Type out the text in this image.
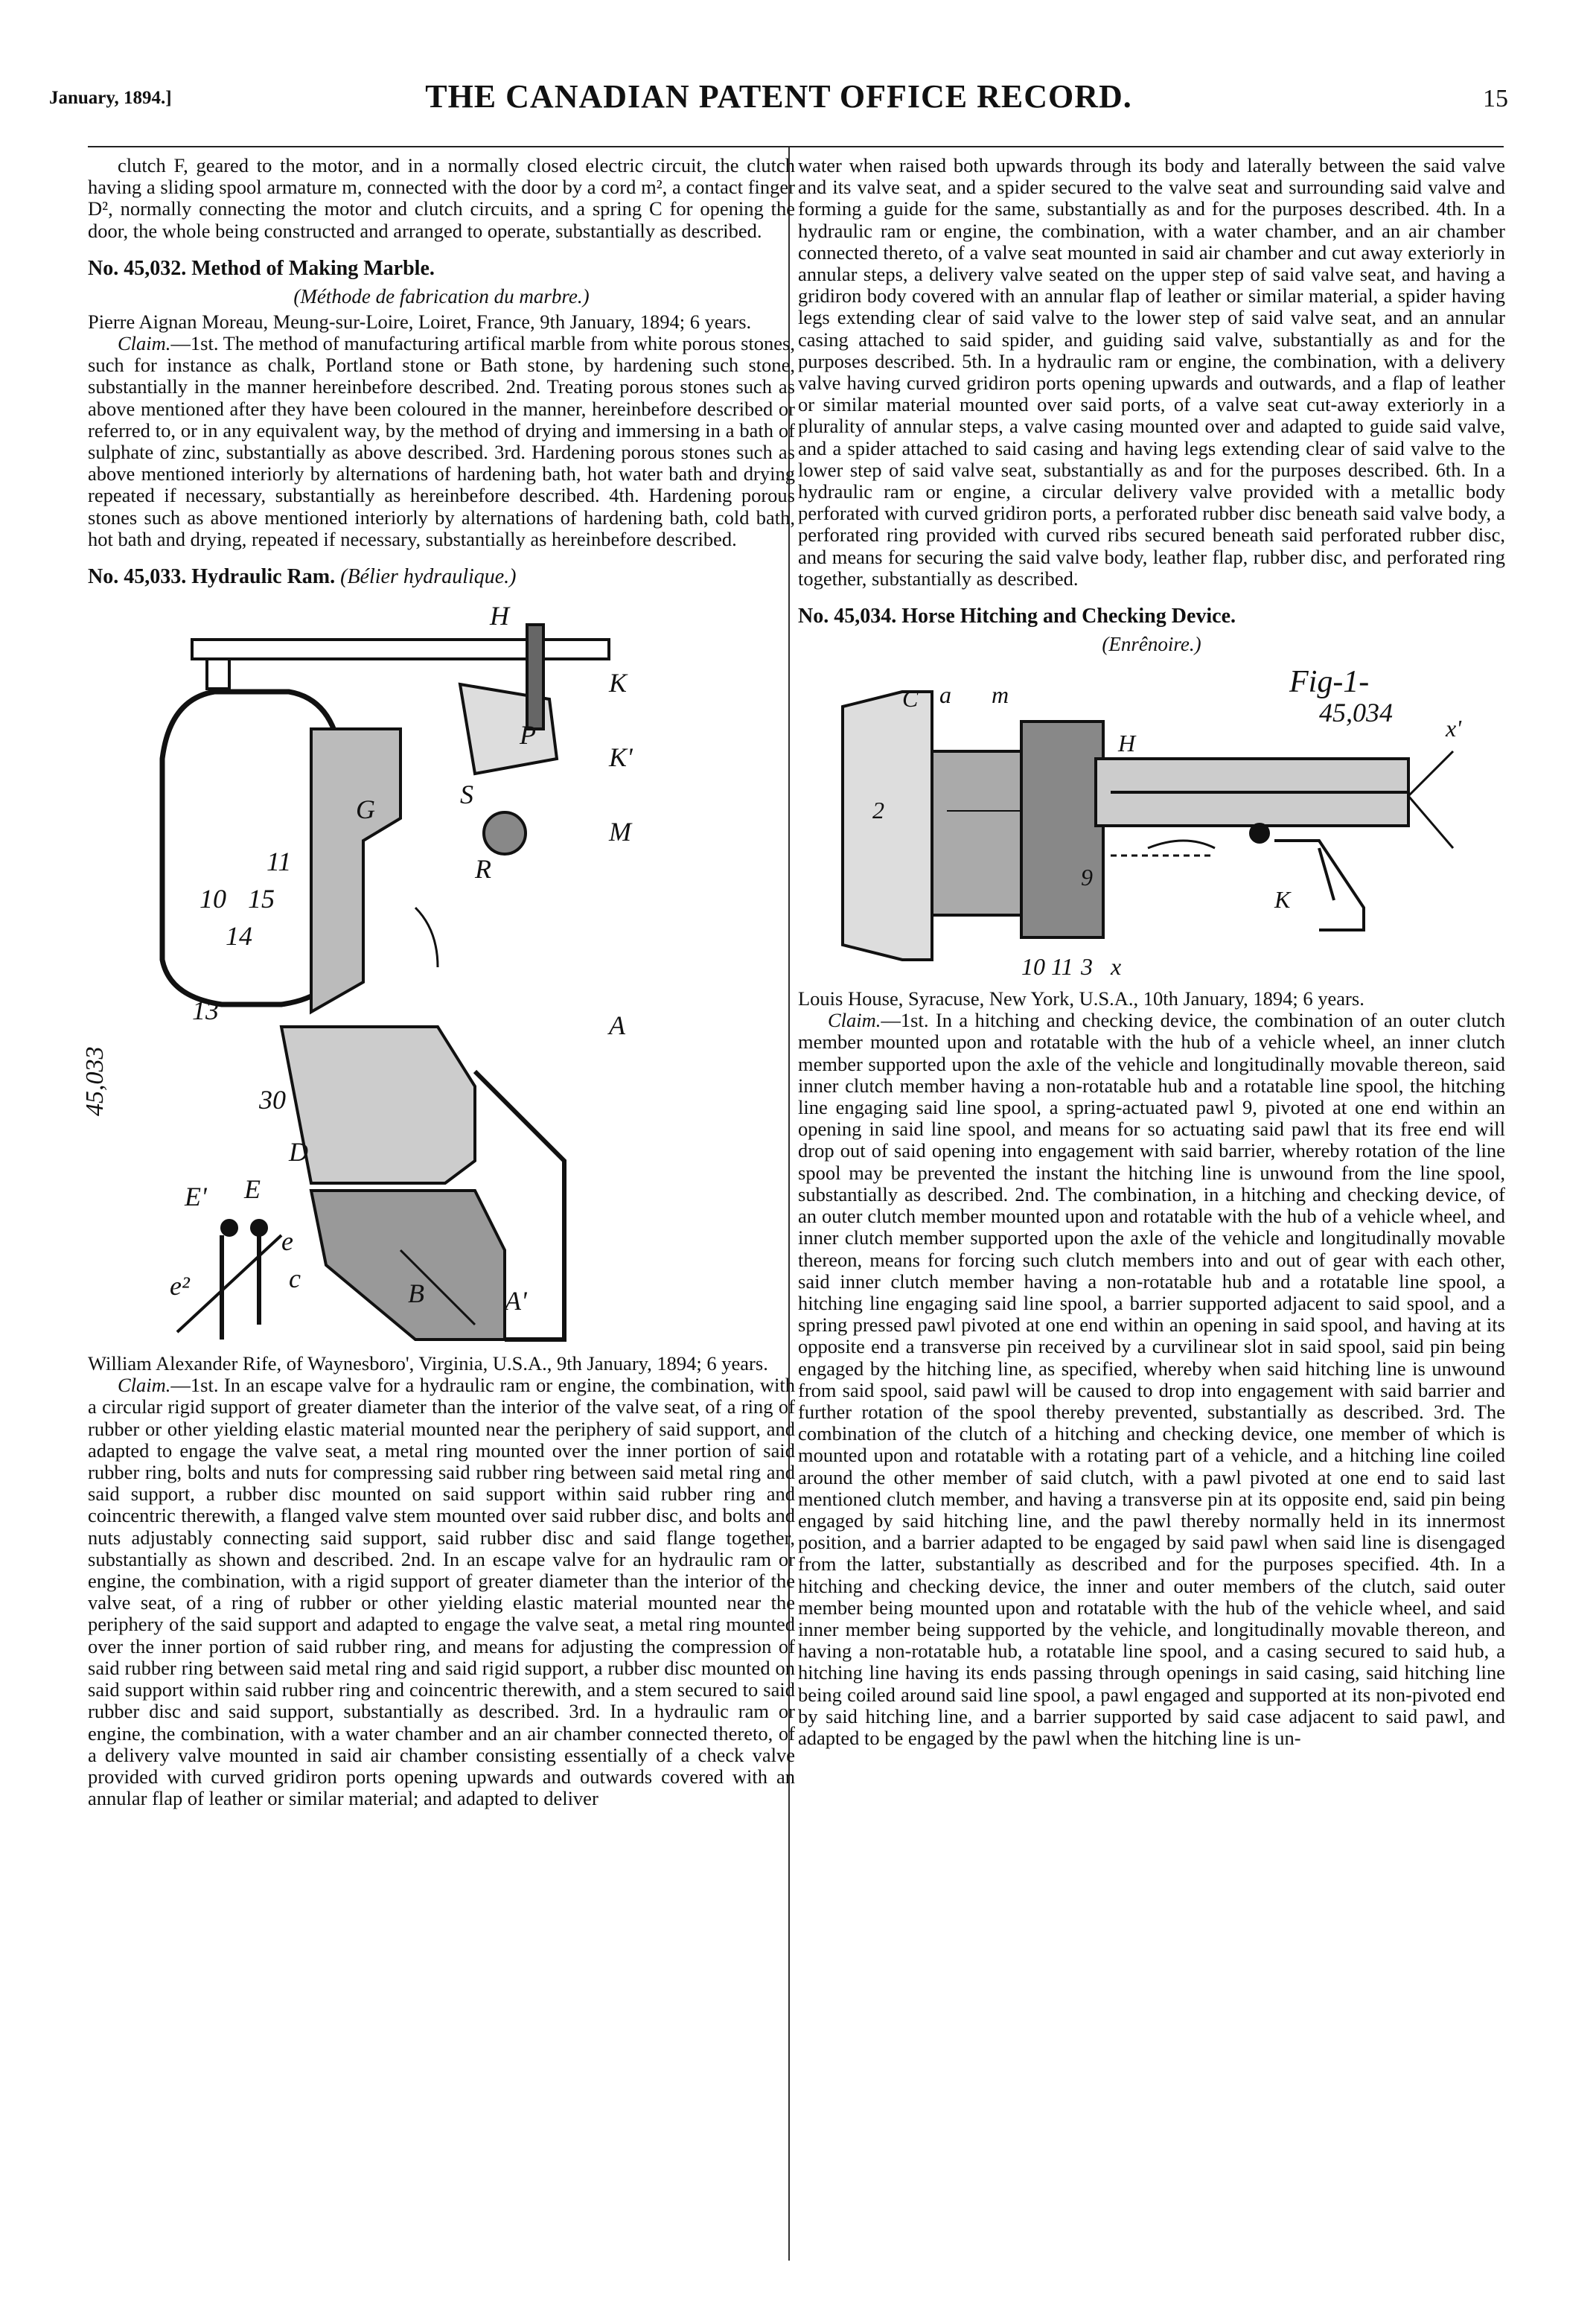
January, 1894.]	THE CANADIAN PATENT OFFICE RECORD.	15

clutch F, geared to the motor, and in a normally closed electric circuit, the clutch having a sliding spool armature m, connected with the door by a cord m², a contact finger D², normally connecting the motor and clutch circuits, and a spring C for opening the door, the whole being constructed and arranged to operate, substantially as described.

No. 45,032. Method of Making Marble.
(Méthode de fabrication du marbre.)

Pierre Aignan Moreau, Meung-sur-Loire, Loiret, France, 9th January, 1894; 6 years.

Claim.—1st. The method of manufacturing artifical marble from white porous stones, such for instance as chalk, Portland stone or Bath stone, by hardening such stone, substantially in the manner hereinbefore described. 2nd. Treating porous stones such as above mentioned after they have been coloured in the manner, hereinbefore described or referred to, or in any equivalent way, by the method of drying and immersing in a bath of sulphate of zinc, substantially as above described. 3rd. Hardening porous stones such as above mentioned interiorly by alternations of hardening bath, hot water bath and drying repeated if necessary, substantially as hereinbefore described. 4th. Hardening porous stones such as above mentioned interiorly by alternations of hardening bath, cold bath, hot bath and drying, repeated if necessary, substantially as hereinbefore described.

No. 45,033. Hydraulic Ram. (Bélier hydraulique.)
H
K
K'
M
G
P
S
R
A
E
E'
D
B
c
e
e²	A'
30
13
14
15
10
11
45,033

William Alexander Rife, of Waynesboro', Virginia, U.S.A., 9th January, 1894; 6 years.

Claim.—1st. In an escape valve for a hydraulic ram or engine, the combination, with a circular rigid support of greater diameter than the interior of the valve seat, of a ring of rubber or other yielding elastic material mounted near the periphery of said support, and adapted to engage the valve seat, a metal ring mounted over the inner portion of said rubber ring, bolts and nuts for compressing said rubber ring between said metal ring and said support, a rubber disc mounted on said support within said rubber ring and coincentric therewith, a flanged valve stem mounted over said rubber disc, and bolts and nuts adjustably connecting said support, said rubber disc and said flange together, substantially as shown and described. 2nd. In an escape valve for an hydraulic ram or engine, the combination, with a rigid support of greater diameter than the interior of the valve seat, of a ring of rubber or other yielding elastic material mounted near the periphery of the said support and adapted to engage the valve seat, a metal ring mounted over the inner portion of said rubber ring, and means for adjusting the compression of said rubber ring between said metal ring and said rigid support, a rubber disc mounted on said support within said rubber ring and coincentric therewith, and a stem secured to said rubber disc and said support, substantially as described. 3rd. In a hydraulic ram or engine, the combination, with a water chamber and an air chamber connected thereto, of a delivery valve mounted in said air chamber consisting essentially of a check valve provided with curved gridiron ports opening upwards and outwards covered with an annular flap of leather or similar material; and adapted to deliver

water when raised both upwards through its body and laterally between the said valve and its valve seat, and a spider secured to the valve seat and surrounding said valve and forming a guide for the same, substantially as and for the purposes described. 4th. In a hydraulic ram or engine, the combination, with a water chamber, and an air chamber connected thereto, of a valve seat mounted in said air chamber and cut away exteriorly in annular steps, a delivery valve seated on the upper step of said valve seat, and having a gridiron body covered with an annular flap of leather or similar material, a spider having legs extending clear of said valve to the lower step of said valve seat, and an annular casing attached to said spider, and guiding said valve, substantially as and for the purposes described. 5th. In a hydraulic ram or engine, the combination, with a delivery valve having curved gridiron ports opening upwards and outwards, and a flap of leather or similar material mounted over said ports, of a valve seat cut-away exteriorly in a plurality of annular steps, a valve casing mounted over and adapted to guide said valve, and a spider attached to said casing and having legs extending clear of said valve to the lower step of said valve seat, substantially as and for the purposes described. 6th. In a hydraulic ram or engine, a circular delivery valve provided with a metallic body perforated with curved gridiron ports, a perforated rubber disc beneath said valve body, a perforated ring provided with curved ribs secured beneath said perforated rubber disc, and means for securing the said valve body, leather flap, rubber disc, and perforated ring together, substantially as described.

No. 45,034. Horse Hitching and Checking Device.
(Enrênoire.)
Fig-1-
45,034
C a m
x'
H
2
K
9
10 11 3 x

Louis House, Syracuse, New York, U.S.A., 10th January, 1894; 6 years.

Claim.—1st. In a hitching and checking device, the combination of an outer clutch member mounted upon and rotatable with the hub of a vehicle wheel, an inner clutch member supported upon the axle of the vehicle and longitudinally movable thereon, said inner clutch member having a non-rotatable hub and a rotatable line spool, the hitching line engaging said line spool, a spring-actuated pawl 9, pivoted at one end within an opening in said line spool, and means for so actuating said pawl that its free end will drop out of said opening into engagement with said barrier, whereby rotation of the line spool may be prevented the instant the hitching line is unwound from the line spool, substantially as described. 2nd. The combination, in a hitching and checking device, of an outer clutch member mounted upon and rotatable with the hub of a vehicle wheel, and inner clutch member supported upon the axle of the vehicle and longitudinally movable thereon, means for forcing such clutch members into and out of gear with each other, said inner clutch member having a non-rotatable hub and a rotatable line spool, a hitching line engaging said line spool, a barrier supported adjacent to said spool, and a spring pressed pawl pivoted at one end within an opening in said spool, and having at its opposite end a transverse pin received by a curvilinear slot in said spool, said pin being engaged by the hitching line, as specified, whereby when said hitching line is unwound from said spool, said pawl will be caused to drop into engagement with said barrier and further rotation of the spool thereby prevented, substantially as described. 3rd. The combination of the clutch of a hitching and checking device, one member of which is mounted upon and rotatable with a rotating part of a vehicle, and a hitching line coiled around the other member of said clutch, with a pawl pivoted at one end to said last mentioned clutch member, and having a transverse pin at its opposite end, said pin being engaged by said hitching line, and the pawl thereby normally held in its innermost position, and a barrier adapted to be engaged by said pawl when said line is disengaged from the latter, substantially as described and for the purposes specified. 4th. In a hitching and checking device, the inner and outer members of the clutch, said outer member being mounted upon and rotatable with the hub of the vehicle wheel, and said inner member being supported by the vehicle, and longitudinally movable thereon, and having a non-rotatable hub, a rotatable line spool, and a casing secured to said hub, a hitching line having its ends passing through openings in said casing, said hitching line being coiled around said line spool, a pawl engaged and supported at its non-pivoted end by said hitching line, and a barrier supported by said case adjacent to said pawl, and adapted to be engaged by the pawl when the hitching line is un-
